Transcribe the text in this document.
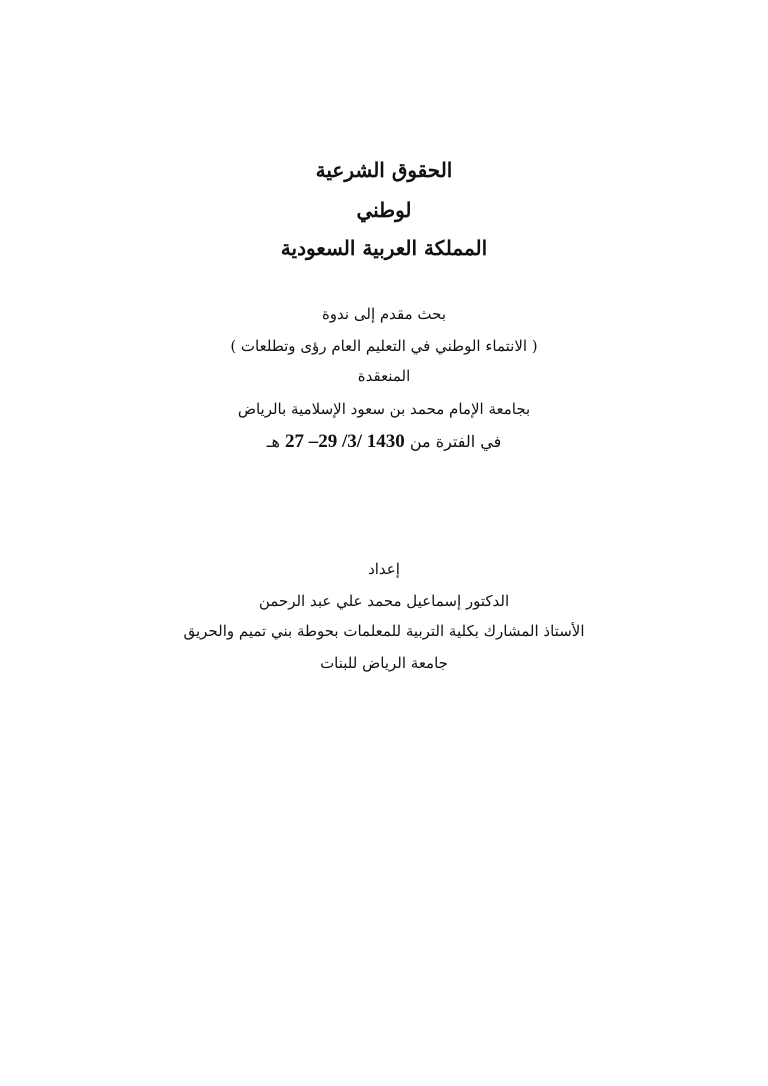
الحقوق الشرعية
لوطني
المملكة العربية السعودية
بحث مقدم إلى ندوة
( الانتماء الوطني في التعليم العام رؤى وتطلعات )
المنعقدة
بجامعة الإمام محمد بن سعود الإسلامية بالرياض
في الفترة من 27 –29 /3/ 1430 هـ
إعداد
الدكتور إسماعيل محمد علي عبد الرحمن
الأستاذ المشارك بكلية التربية للمعلمات بحوطة بني تميم والحريق
جامعة الرياض للبنات
